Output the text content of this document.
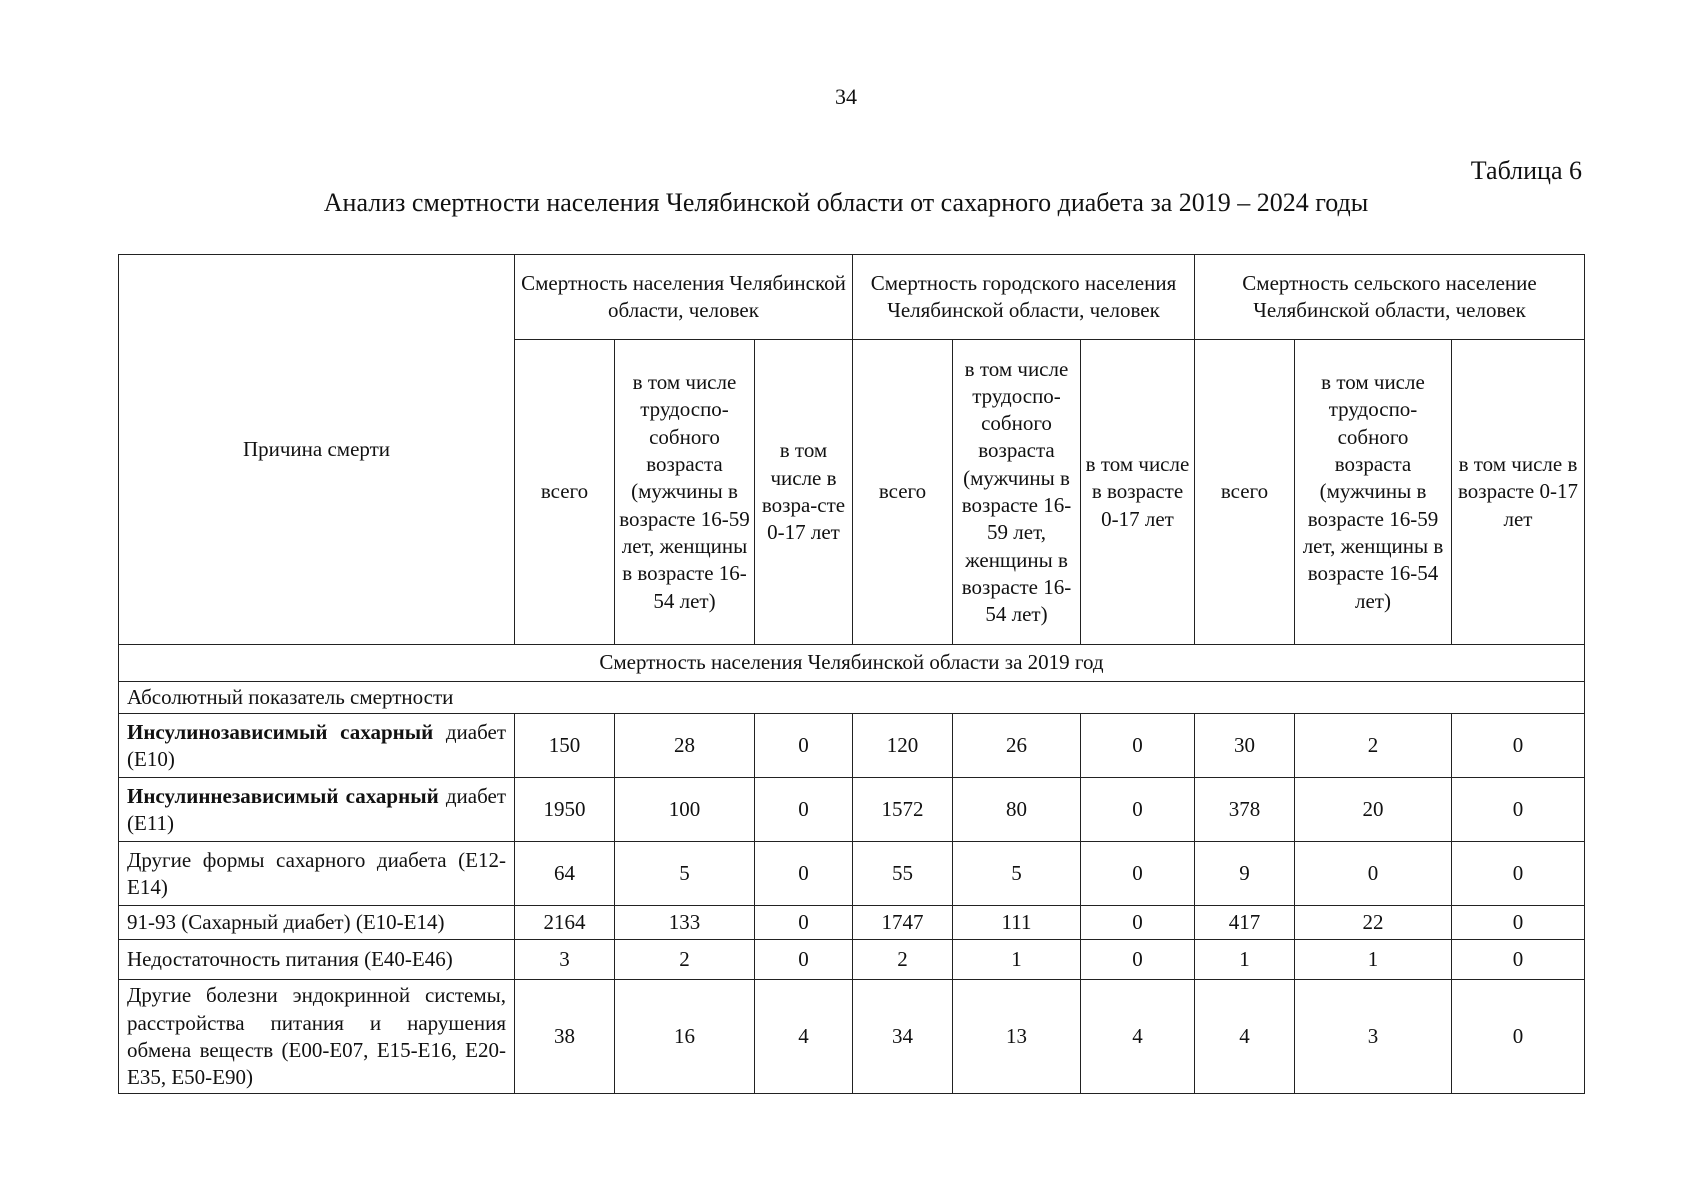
34
Таблица 6
Анализ смертности населения Челябинской области от сахарного диабета за 2019 – 2024 годы
Причина смерти	Смертность населения Челябинской области, человек			Смертность городского населения Челябинской области, человек			Смертность сельского население Челябинской области, человек		
	всего	в том числе трудоспо-собного возраста (мужчины в возрасте 16-59 лет, женщины в возрасте 16-54 лет)	в том числе в возра-сте 0-17 лет	всего	в том числе трудоспо-собного возраста (мужчины в возрасте 16-59 лет, женщины в возрасте 16-54 лет)	в том числе в возрасте 0-17 лет	всего	в том числе трудоспо-собного возраста (мужчины в возрасте 16-59 лет, женщины в возрасте 16-54 лет)	в том числе в возрасте 0-17 лет
Смертность населения Челябинской области за 2019 год									
Абсолютный показатель смертности									
Инсулинозависимый сахарный диабет (E10)	150	28	0	120	26	0	30	2	0
Инсулиннезависимый сахарный диабет (E11)	1950	100	0	1572	80	0	378	20	0
Другие формы сахарного диабета (E12-E14)	64	5	0	55	5	0	9	0	0
91-93 (Сахарный диабет) (E10-E14)	2164	133	0	1747	111	0	417	22	0
Недостаточность питания (E40-E46)	3	2	0	2	1	0	1	1	0
Другие болезни эндокринной системы, расстройства питания и нарушения обмена веществ (E00-E07, E15-E16, E20-E35, E50-E90)	38	16	4	34	13	4	4	3	0
